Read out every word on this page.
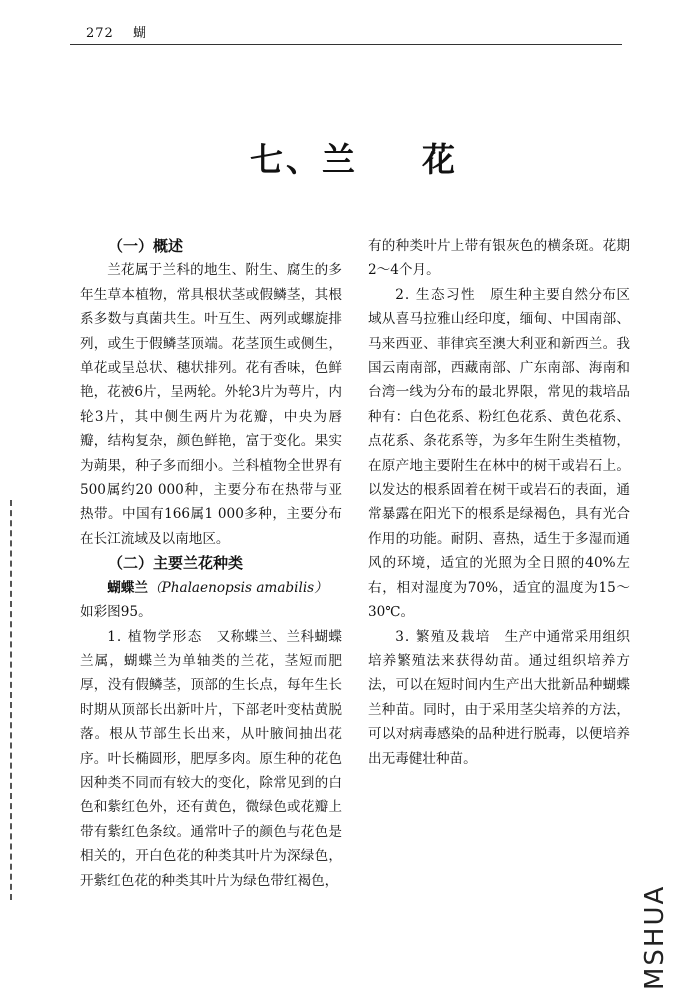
272 蝴
七、兰 花

（一）概述

兰花属于兰科的地生、附生、腐生的多年生草本植物，常具根状茎或假鳞茎，其根系多数与真菌共生。叶互生、两列或螺旋排列，或生于假鳞茎顶端。花茎顶生或侧生，单花或呈总状、穗状排列。花有香味，色鲜艳，花被6片，呈两轮。外轮3片为萼片，内轮3片，其中侧生两片为花瓣，中央为唇瓣，结构复杂，颜色鲜艳，富于变化。果实为蒴果，种子多而细小。兰科植物全世界有500属约20 000种，主要分布在热带与亚热带。中国有166属1 000多种，主要分布在长江流域及以南地区。

（二）主要兰花种类

蝴蝶兰（Phalaenopsis amabilis）
如彩图95。

1. 植物学形态　 又称蝶兰、兰科蝴蝶兰属，蝴蝶兰为单轴类的兰花，茎短而肥厚，没有假鳞茎，顶部的生长点，每年生长时期从顶部长出新叶片，下部老叶变枯黄脱落。根从节部生长出来，从叶腋间抽出花序。叶长椭圆形，肥厚多肉。原生种的花色因种类不同而有较大的变化，除常见到的白色和紫红色外，还有黄色，微绿色或花瓣上带有紫红色条纹。通常叶子的颜色与花色是相关的，开白色花的种类其叶片为深绿色，开紫红色花的种类其叶片为绿色带红褐色，

有的种类叶片上带有银灰色的横条斑。花期2～4个月。

2. 生态习性　 原生种主要自然分布区域从喜马拉雅山经印度，缅甸、中国南部、马来西亚、菲律宾至澳大利亚和新西兰。我国云南南部，西藏南部、广东南部、海南和台湾一线为分布的最北界限，常见的栽培品种有：白色花系、粉红色花系、黄色花系、点花系、条花系等，为多年生附生类植物，在原产地主要附生在林中的树干或岩石上。以发达的根系固着在树干或岩石的表面，通常暴露在阳光下的根系是绿褐色，具有光合作用的功能。耐阴、喜热，适生于多湿而通风的环境，适宜的光照为全日照的40%左右，相对湿度为70%，适宜的温度为15～30℃。

3. 繁殖及栽培　 生产中通常采用组织培养繁殖法来获得幼苗。通过组织培养方法，可以在短时间内生产出大批新品种蝴蝶兰种苗。同时，由于采用茎尖培养的方法，可以对病毒感染的品种进行脱毒，以便培养出无毒健壮种苗。

MSHUA
